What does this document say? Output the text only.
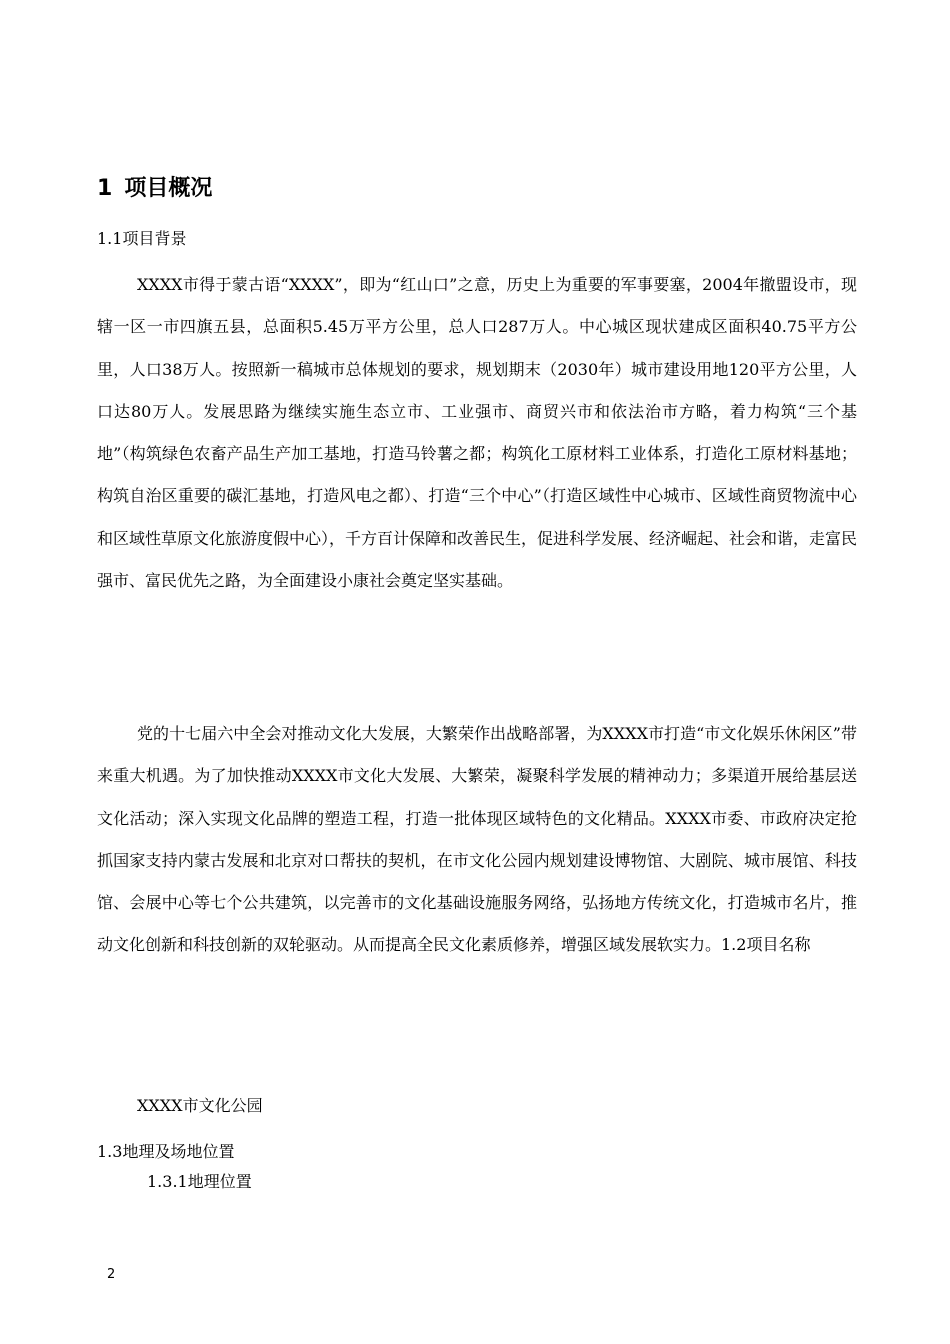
1 项目概况

1.1项目背景

XXXX市得于蒙古语“XXXX”，即为“红山口”之意，历史上为重要的军事要塞，2004年撤盟设市，现辖一区一市四旗五县，总面积5.45万平方公里，总人口287万人。中心城区现状建成区面积40.75平方公里，人口38万人。按照新一稿城市总体规划的要求，规划期末（2030年）城市建设用地120平方公里，人口达80万人。发展思路为继续实施生态立市、工业强市、商贸兴市和依法治市方略，着力构筑“三个基地”（构筑绿色农畜产品生产加工基地，打造马铃薯之都；构筑化工原材料工业体系，打造化工原材料基地；构筑自治区重要的碳汇基地，打造风电之都）、打造“三个中心”（打造区域性中心城市、区域性商贸物流中心和区域性草原文化旅游度假中心），千方百计保障和改善民生，促进科学发展、经济崛起、社会和谐，走富民强市、富民优先之路，为全面建设小康社会奠定坚实基础。

党的十七届六中全会对推动文化大发展，大繁荣作出战略部署，为XXXX市打造“市文化娱乐休闲区”带来重大机遇。为了加快推动XXXX市文化大发展、大繁荣，凝聚科学发展的精神动力；多渠道开展给基层送文化活动；深入实现文化品牌的塑造工程，打造一批体现区域特色的文化精品。XXXX市委、市政府决定抢抓国家支持内蒙古发展和北京对口帮扶的契机，在市文化公园内规划建设博物馆、大剧院、城市展馆、科技馆、会展中心等七个公共建筑，以完善市的文化基础设施服务网络，弘扬地方传统文化，打造城市名片，推动文化创新和科技创新的双轮驱动。从而提高全民文化素质修养，增强区域发展软实力。1.2项目名称

XXXX市文化公园

1.3地理及场地位置

1.3.1地理位置

2
